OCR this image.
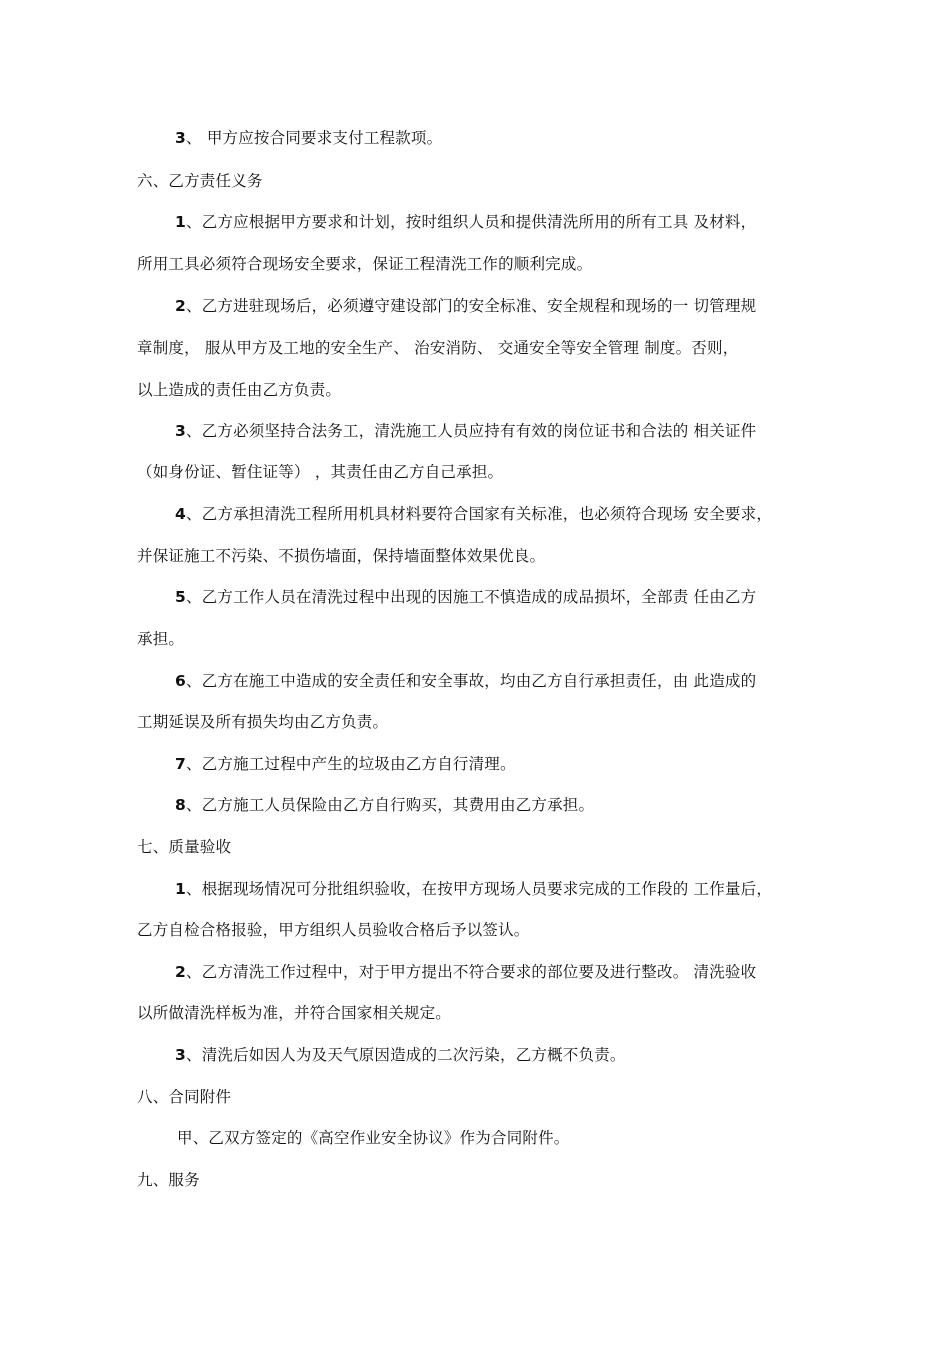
3、 甲方应按合同要求支付工程款项。
六、乙方责任义务
1、乙方应根据甲方要求和计划，按时组织人员和提供清洗所用的所有工具 及材料，
所用工具必须符合现场安全要求，保证工程清洗工作的顺利完成。
2、乙方进驻现场后，必须遵守建设部门的安全标准、安全规程和现场的一 切管理规
章制度， 服从甲方及工地的安全生产、 治安消防、 交通安全等安全管理 制度。否则，
以上造成的责任由乙方负责。
3、乙方必须坚持合法务工，清洗施工人员应持有有效的岗位证书和合法的 相关证件
（如身份证、暂住证等） ，其责任由乙方自己承担。
4、乙方承担清洗工程所用机具材料要符合国家有关标准，也必须符合现场 安全要求，
并保证施工不污染、不损伤墙面，保持墙面整体效果优良。
5、乙方工作人员在清洗过程中出现的因施工不慎造成的成品损坏，全部责 任由乙方
承担。
6、乙方在施工中造成的安全责任和安全事故，均由乙方自行承担责任，由 此造成的
工期延误及所有损失均由乙方负责。
7、乙方施工过程中产生的垃圾由乙方自行清理。
8、乙方施工人员保险由乙方自行购买，其费用由乙方承担。
七、质量验收
1、根据现场情况可分批组织验收，在按甲方现场人员要求完成的工作段的 工作量后，
乙方自检合格报验，甲方组织人员验收合格后予以签认。
2、乙方清洗工作过程中，对于甲方提出不符合要求的部位要及进行整改。 清洗验收
以所做清洗样板为准，并符合国家相关规定。
3、清洗后如因人为及天气原因造成的二次污染，乙方概不负责。
八、合同附件
甲、乙双方签定的《高空作业安全协议》作为合同附件。
九、服务
